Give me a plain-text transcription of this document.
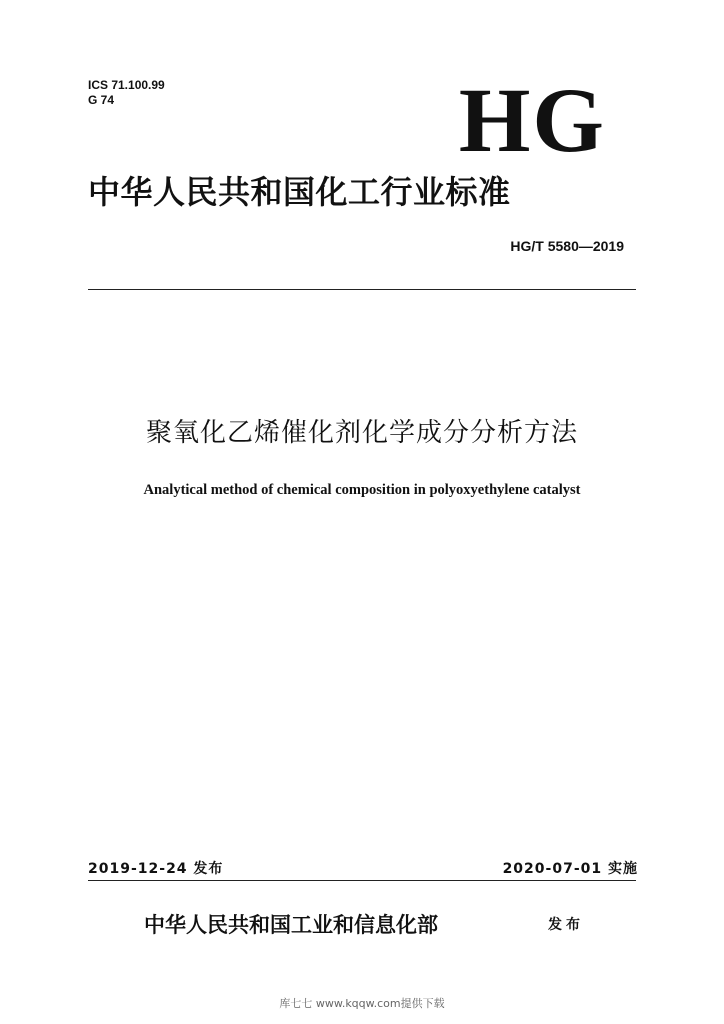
ICS 71.100.99
G 74	HG
中华人民共和国化工行业标准
HG/T 5580—2019
聚氧化乙烯催化剂化学成分分析方法
Analytical method of chemical composition in polyoxyethylene catalyst
2019-12-24 发布	2020-07-01 实施
中华人民共和国工业和信息化部	发布
库七七 www.kqqw.com提供下载
